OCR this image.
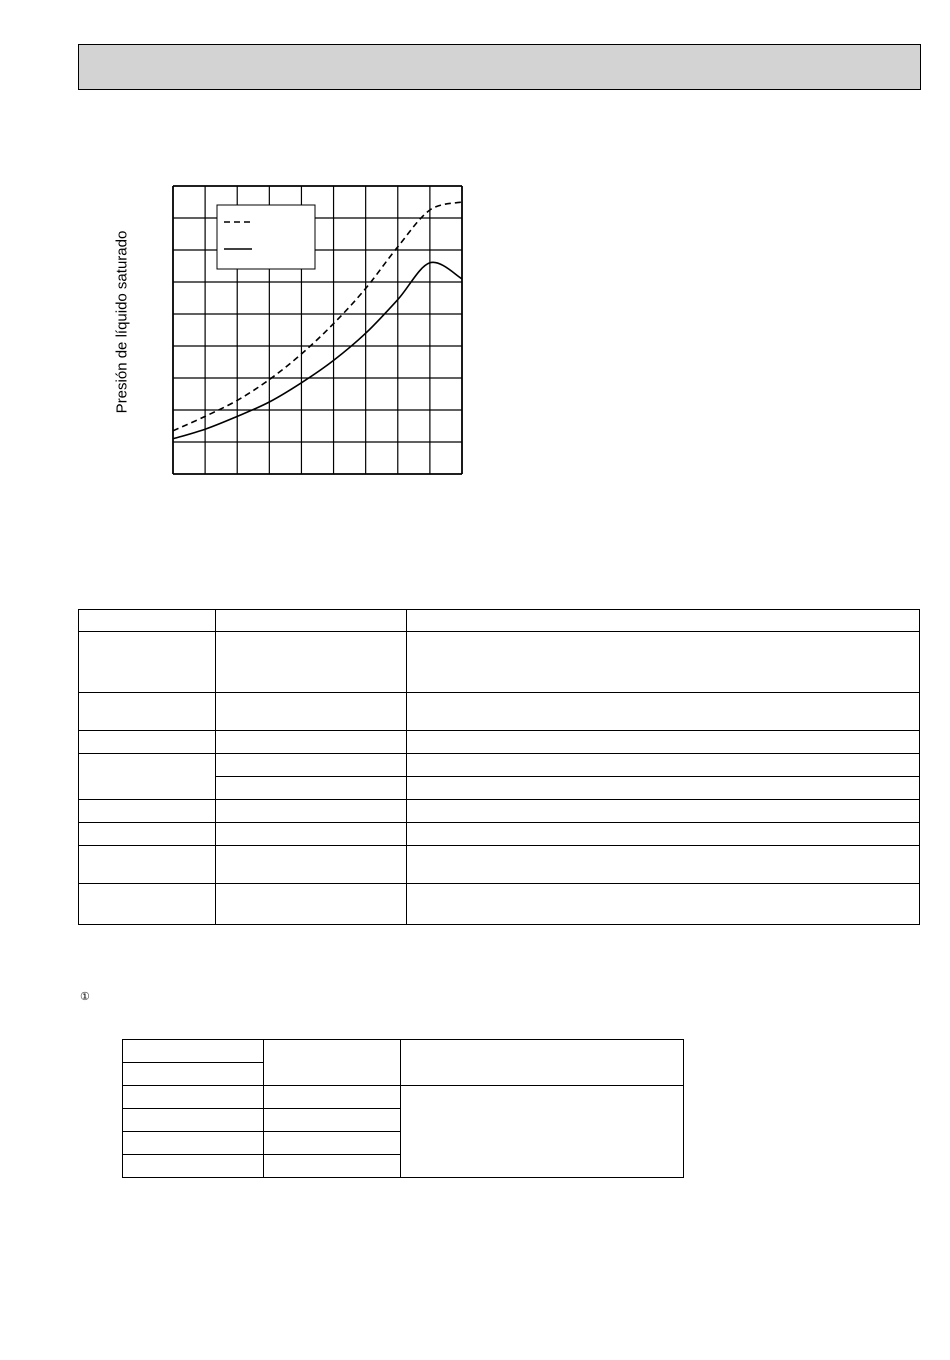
Presión de líquido saturado

①
